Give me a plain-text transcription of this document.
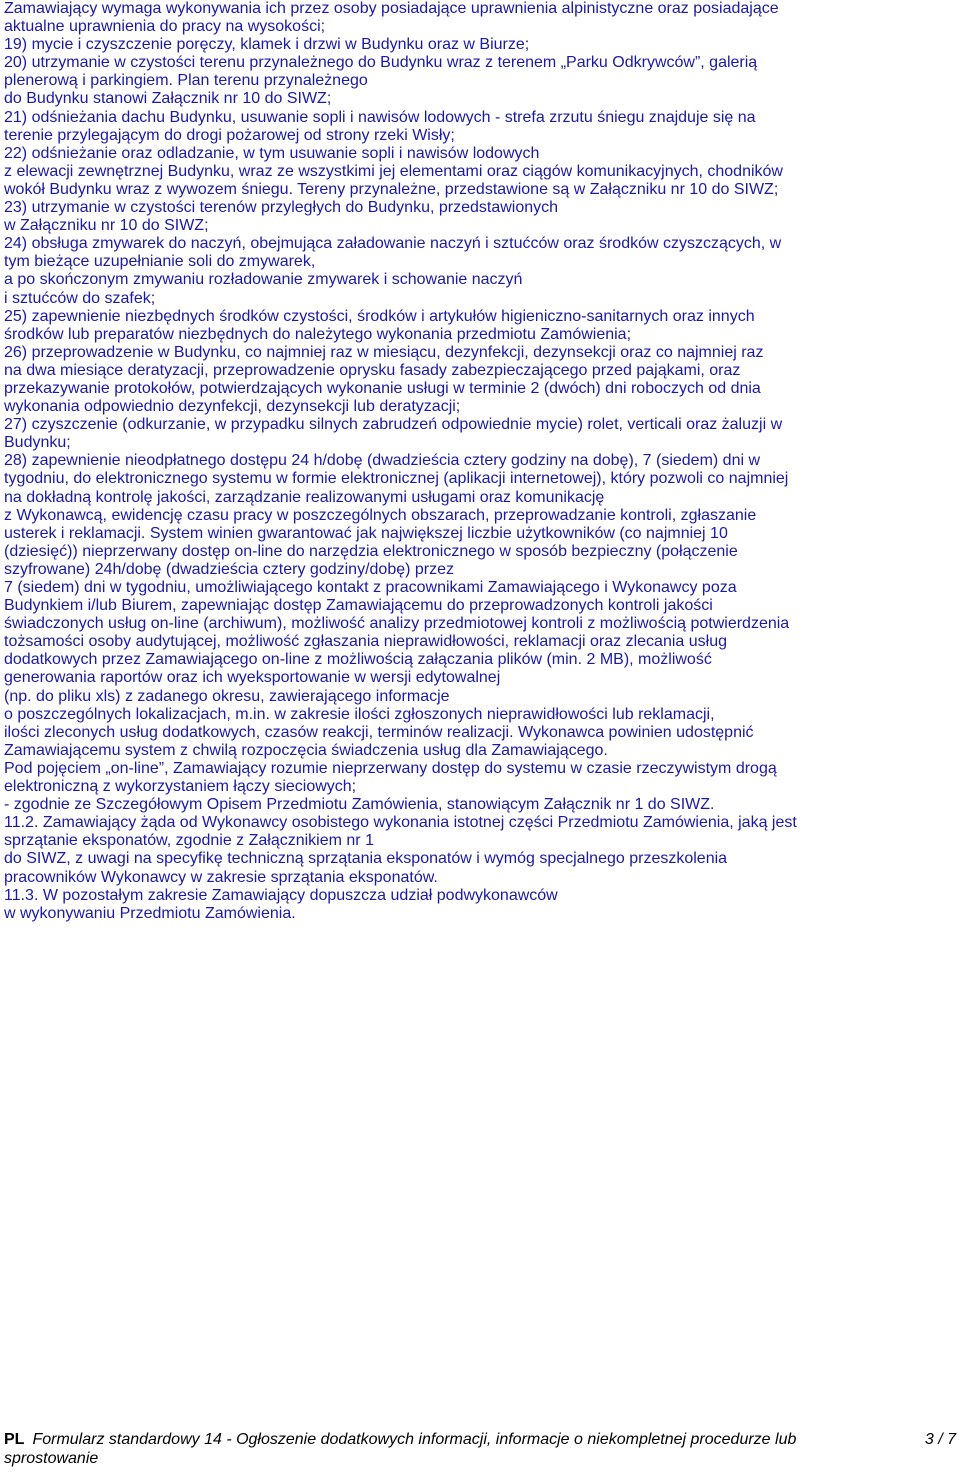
Zamawiający wymaga wykonywania ich przez osoby posiadające uprawnienia alpinistyczne oraz posiadające
aktualne uprawnienia do pracy na wysokości;
19) mycie i czyszczenie poręczy, klamek i drzwi w Budynku oraz w Biurze;
20) utrzymanie w czystości terenu przynależnego do Budynku wraz z terenem „Parku Odkrywców”, galerią
plenerową i parkingiem. Plan terenu przynależnego
do Budynku stanowi Załącznik nr 10 do SIWZ;
21) odśnieżania dachu Budynku, usuwanie sopli i nawisów lodowych - strefa zrzutu śniegu znajduje się na
terenie przylegającym do drogi pożarowej od strony rzeki Wisły;
22) odśnieżanie oraz odladzanie, w tym usuwanie sopli i nawisów lodowych
z elewacji zewnętrznej Budynku, wraz ze wszystkimi jej elementami oraz ciągów komunikacyjnych, chodników
wokół Budynku wraz z wywozem śniegu. Tereny przynależne, przedstawione są w Załączniku nr 10 do SIWZ;
23) utrzymanie w czystości terenów przyległych do Budynku, przedstawionych
w Załączniku nr 10 do SIWZ;
24) obsługa zmywarek do naczyń, obejmująca załadowanie naczyń i sztućców oraz środków czyszczących, w
tym bieżące uzupełnianie soli do zmywarek,
a po skończonym zmywaniu rozładowanie zmywarek i schowanie naczyń
i sztućców do szafek;
25) zapewnienie niezbędnych środków czystości, środków i artykułów higieniczno-sanitarnych oraz innych
środków lub preparatów niezbędnych do należytego wykonania przedmiotu Zamówienia;
26) przeprowadzenie w Budynku, co najmniej raz w miesiącu, dezynfekcji, dezynsekcji oraz co najmniej raz
na dwa miesiące deratyzacji, przeprowadzenie oprysku fasady zabezpieczającego przed pająkami, oraz
przekazywanie protokołów, potwierdzających wykonanie usługi w terminie 2 (dwóch) dni roboczych od dnia
wykonania odpowiednio dezynfekcji, dezynsekcji lub deratyzacji;
27) czyszczenie (odkurzanie, w przypadku silnych zabrudzeń odpowiednie mycie) rolet, verticali oraz żaluzji w
Budynku;
28) zapewnienie nieodpłatnego dostępu 24 h/dobę (dwadzieścia cztery godziny na dobę), 7 (siedem) dni w
tygodniu, do elektronicznego systemu w formie elektronicznej (aplikacji internetowej), który pozwoli co najmniej
na dokładną kontrolę jakości, zarządzanie realizowanymi usługami oraz komunikację
z Wykonawcą, ewidencję czasu pracy w poszczególnych obszarach, przeprowadzanie kontroli, zgłaszanie
usterek i reklamacji. System winien gwarantować jak największej liczbie użytkowników (co najmniej 10
(dziesięć)) nieprzerwany dostęp on-line do narzędzia elektronicznego w sposób bezpieczny (połączenie
szyfrowane) 24h/dobę (dwadzieścia cztery godziny/dobę) przez
7 (siedem) dni w tygodniu, umożliwiającego kontakt z pracownikami Zamawiającego i Wykonawcy poza
Budynkiem i/lub Biurem, zapewniając dostęp Zamawiającemu do przeprowadzonych kontroli jakości
świadczonych usług on-line (archiwum), możliwość analizy przedmiotowej kontroli z możliwością potwierdzenia
tożsamości osoby audytującej, możliwość zgłaszania nieprawidłowości, reklamacji oraz zlecania usług
dodatkowych przez Zamawiającego on-line z możliwością załączania plików (min. 2 MB), możliwość
generowania raportów oraz ich wyeksportowanie w wersji edytowalnej
(np. do pliku xls) z zadanego okresu, zawierającego informacje
o poszczególnych lokalizacjach, m.in. w zakresie ilości zgłoszonych nieprawidłowości lub reklamacji,
ilości zleconych usług dodatkowych, czasów reakcji, terminów realizacji. Wykonawca powinien udostępnić
Zamawiającemu system z chwilą rozpoczęcia świadczenia usług dla Zamawiającego.
Pod pojęciem „on-line”, Zamawiający rozumie nieprzerwany dostęp do systemu w czasie rzeczywistym drogą
elektroniczną z wykorzystaniem łączy sieciowych;
- zgodnie ze Szczegółowym Opisem Przedmiotu Zamówienia, stanowiącym Załącznik nr 1 do SIWZ.
11.2. Zamawiający żąda od Wykonawcy osobistego wykonania istotnej części Przedmiotu Zamówienia, jaką jest
sprzątanie eksponatów, zgodnie z Załącznikiem nr 1
do SIWZ, z uwagi na specyfikę techniczną sprzątania eksponatów i wymóg specjalnego przeszkolenia
pracowników Wykonawcy w zakresie sprzątania eksponatów.
11.3. W pozostałym zakresie Zamawiający dopuszcza udział podwykonawców
w wykonywaniu Przedmiotu Zamówienia.
PL Formularz standardowy 14 - Ogłoszenie dodatkowych informacji, informacje o niekompletnej procedurze lub
sprostowanie
3 / 7
